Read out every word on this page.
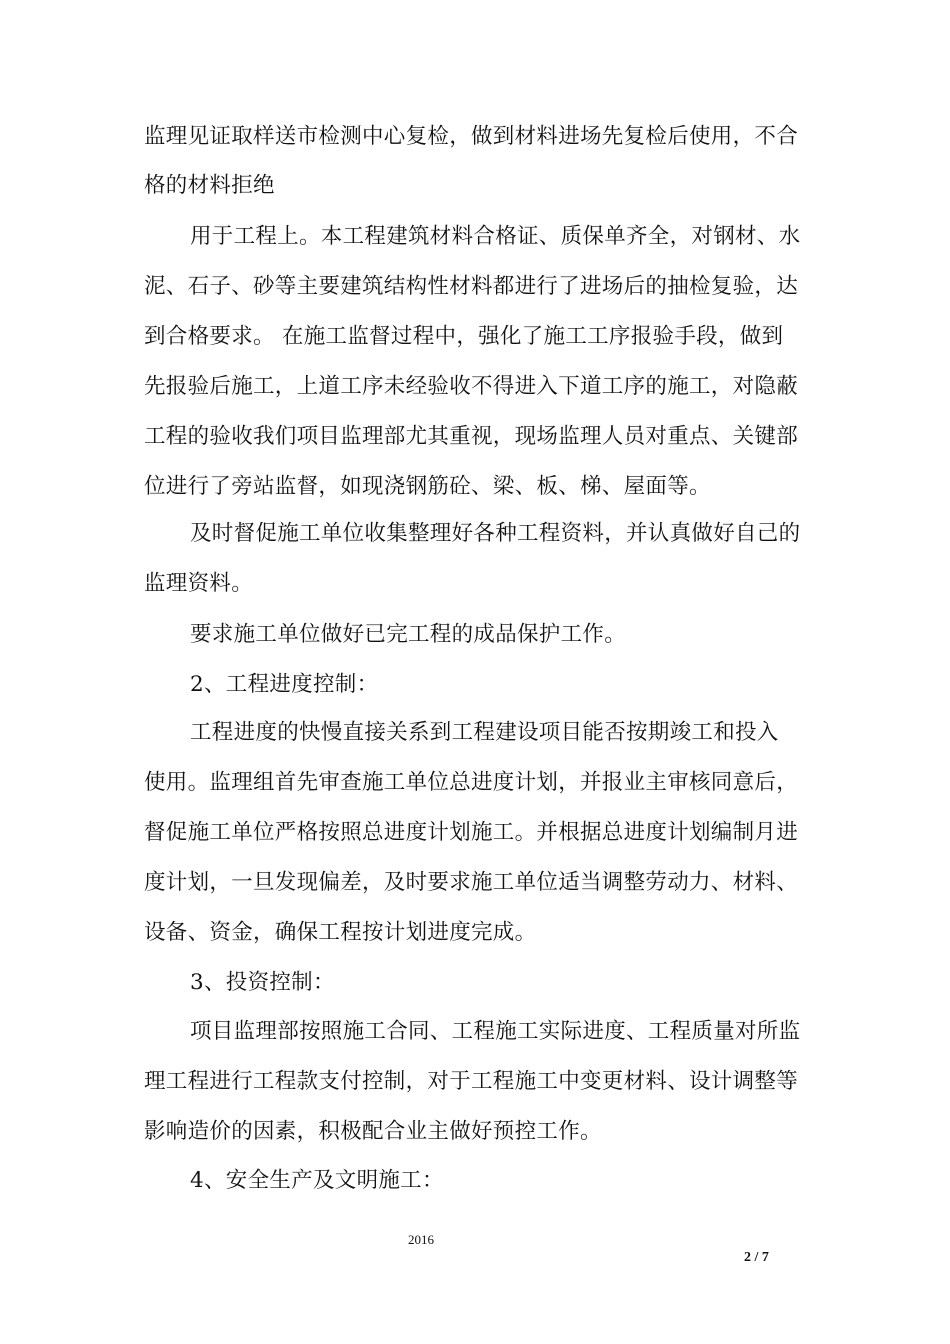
监理见证取样送市检测中心复检，做到材料进场先复检后使用，不合
格的材料拒绝
用于工程上。本工程建筑材料合格证、质保单齐全，对钢材、水
泥、石子、砂等主要建筑结构性材料都进行了进场后的抽检复验，达
到合格要求。 在施工监督过程中，强化了施工工序报验手段，做到
先报验后施工，上道工序未经验收不得进入下道工序的施工，对隐蔽
工程的验收我们项目监理部尤其重视，现场监理人员对重点、关键部
位进行了旁站监督，如现浇钢筋砼、梁、板、梯、屋面等。
及时督促施工单位收集整理好各种工程资料，并认真做好自己的
监理资料。
要求施工单位做好已完工程的成品保护工作。
2、工程进度控制：
工程进度的快慢直接关系到工程建设项目能否按期竣工和投入
使用。监理组首先审查施工单位总进度计划，并报业主审核同意后，
督促施工单位严格按照总进度计划施工。并根据总进度计划编制月进
度计划，一旦发现偏差，及时要求施工单位适当调整劳动力、材料、
设备、资金，确保工程按计划进度完成。
3、投资控制：
项目监理部按照施工合同、工程施工实际进度、工程质量对所监
理工程进行工程款支付控制，对于工程施工中变更材料、设计调整等
影响造价的因素，积极配合业主做好预控工作。
4、安全生产及文明施工：
2016
2 / 7
